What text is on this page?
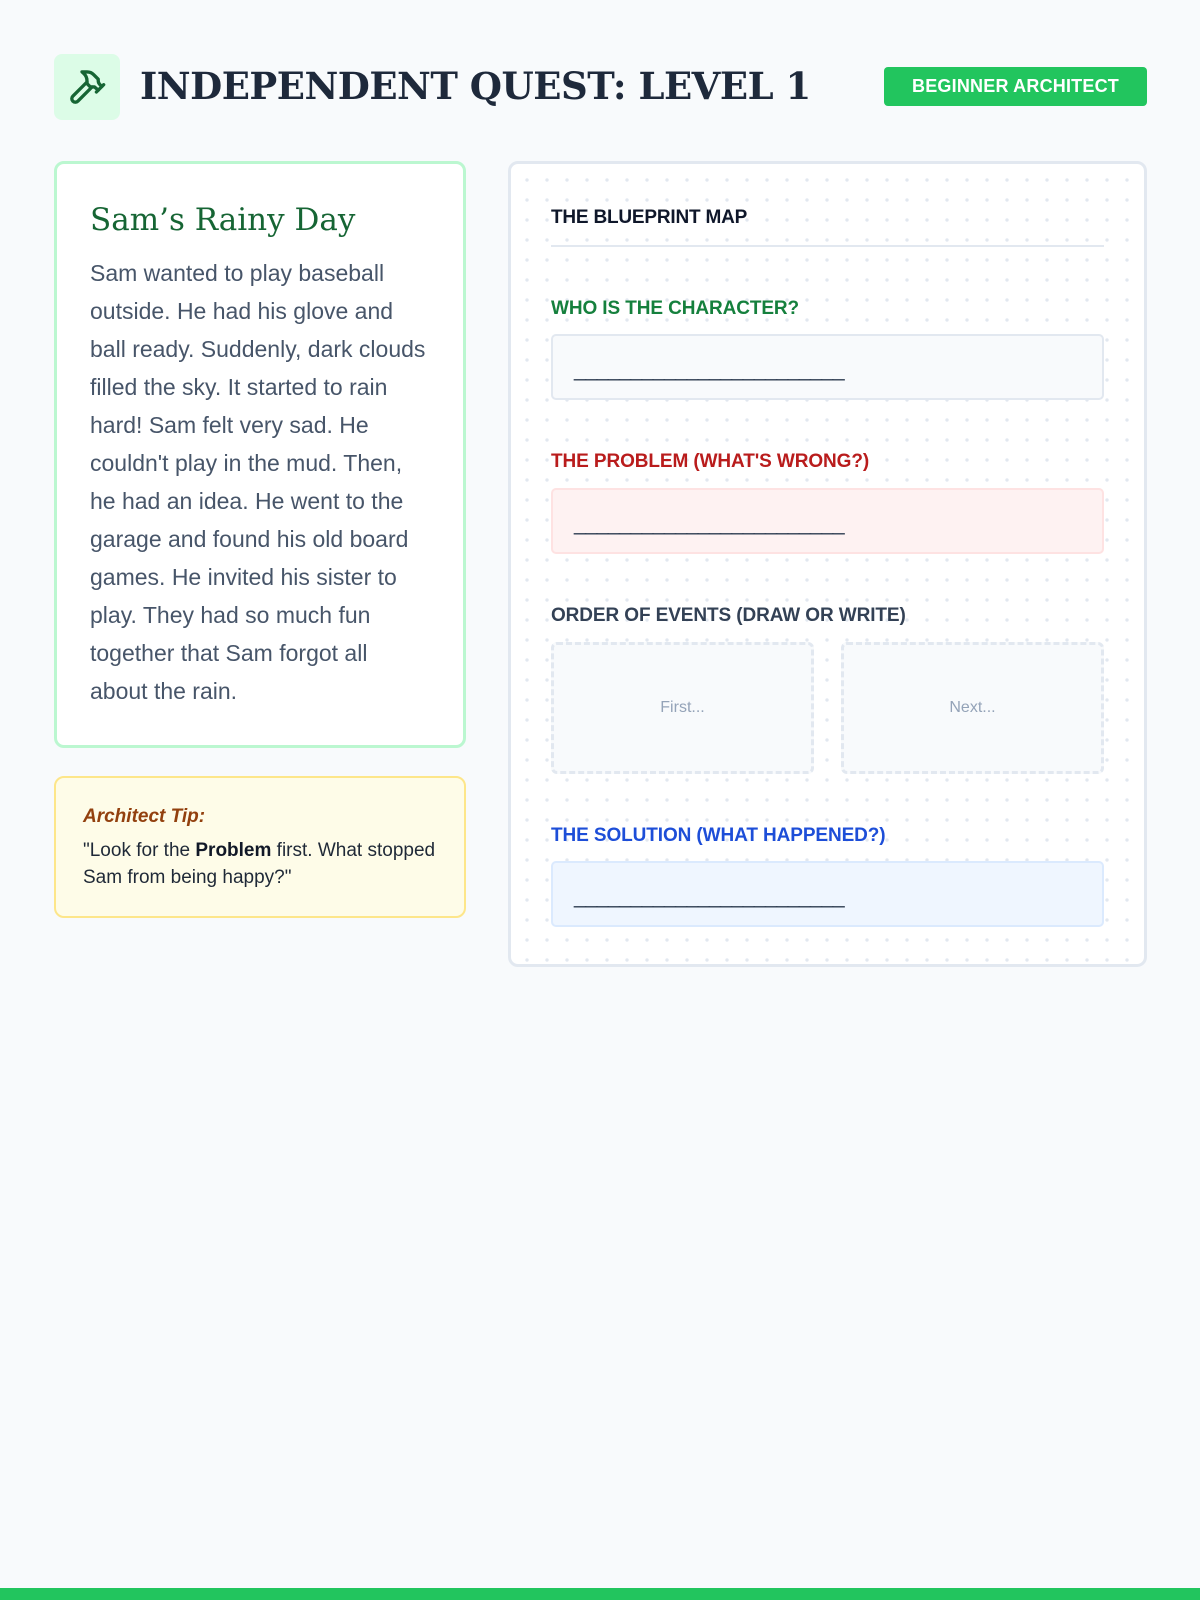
INDEPENDENT QUEST: LEVEL 1	BEGINNER ARCHITECT
Sam’s Rainy Day

Sam wanted to play baseball outside. He had his glove and ball ready. Suddenly, dark clouds filled the sky. It started to rain hard! Sam felt very sad. He couldn't play in the mud. Then, he had an idea. He went to the garage and found his old board games. He invited his sister to play. They had so much fun together that Sam forgot all about the rain.

Architect Tip:
"Look for the Problem first. What stopped Sam from being happy?"
THE BLUEPRINT MAP
WHO IS THE CHARACTER?
________________________
THE PROBLEM (WHAT'S WRONG?)
________________________
ORDER OF EVENTS (DRAW OR WRITE)
First...	Next...
THE SOLUTION (WHAT HAPPENED?)
________________________
